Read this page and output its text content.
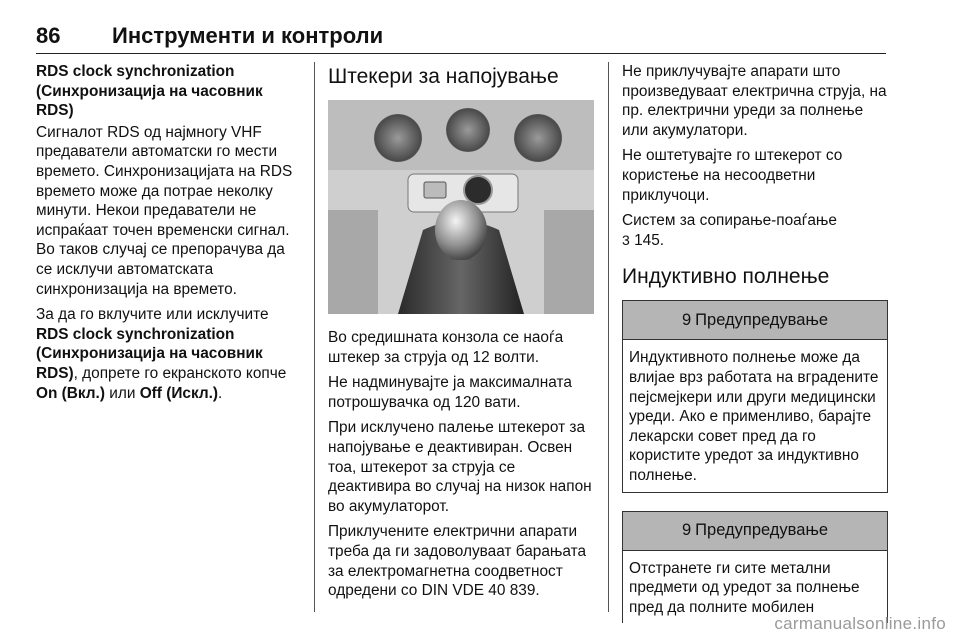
86	Инструменти и контроли
RDS clock synchronization
(Синхронизација на часовник RDS)

Сигналот RDS од најмногу VHF предаватели автоматски го мести времето. Синхронизацијата на RDS времето може да потрае неколку минути. Некои предаватели не испраќаат точен временски сигнал. Во таков случај се препорачува да се исклучи автоматската синхронизација на времето.

За да го вклучите или исклучите RDS clock synchronization (Синхронизација на часовник RDS), допрете го екранското копче On (Вкл.) или Off (Искл.).

Штекери за напојување

Во средишната конзола се наоѓа штекер за струја од 12 волти.

Не надминувајте ја максималната потрошувачка од 120 вати.

При исклучено палење штекерот за напојување е деактивиран. Освен тоа, штекерот за струја се деактивира во случај на низок напон во акумулаторот.

Приклучените електрични апарати треба да ги задоволуваат барањата за електромагнетна соодветност одредени со DIN VDE 40 839.

Не приклучувајте апарати што произведуваат електрична струја, на пр. електрични уреди за полнење или акумулатори.

Не оштетувајте го штекерот со користење на несоодветни приклучоци.

Систем за сопирање-поаѓање
3 145.

Индуктивно полнење
9 Предупредување

Индуктивното полнење може да влијае врз работата на вградените пејсмејкери или други медицински уреди. Ако е применливо, барајте лекарски совет пред да го користите уредот за индуктивно полнење.

9 Предупредување

Отстранете ги сите метални предмети од уредот за полнење пред да полните мобилен

carmanualsonline.info
